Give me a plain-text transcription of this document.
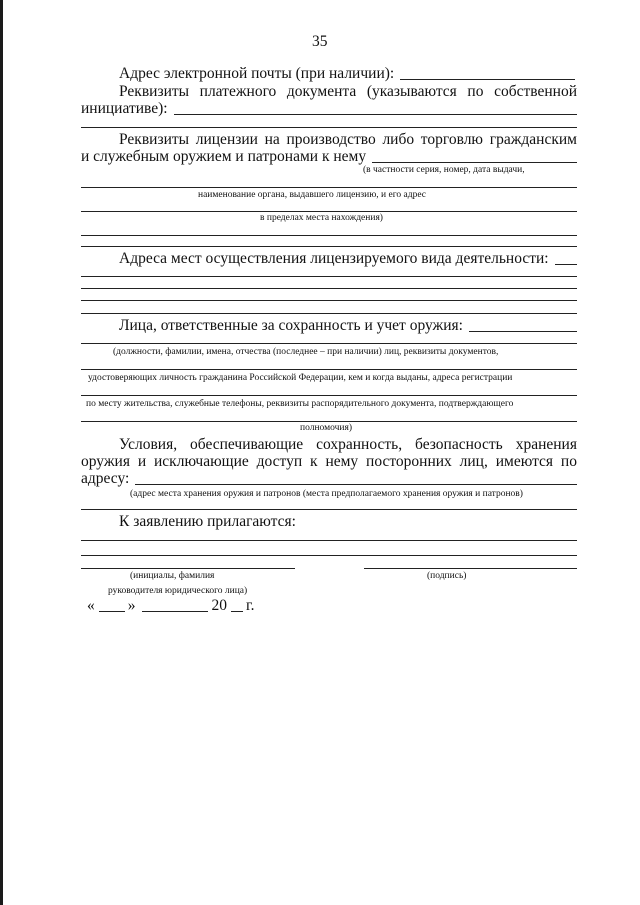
35
Адрес электронной почты (при наличии):
Реквизиты платежного документа (указываются по собственной
инициативе):
Реквизиты лицензии на производство либо торговлю гражданским
и служебным оружием и патронами к нему
(в частности серия, номер, дата выдачи,
наименование органа, выдавшего лицензию, и его адрес
в пределах места нахождения)
Адреса мест осуществления лицензируемого вида деятельности:
Лица, ответственные за сохранность и учет оружия:
(должности, фамилии, имена, отчества (последнее – при наличии) лиц, реквизиты документов,
удостоверяющих личность гражданина Российской Федерации, кем и когда выданы, адреса регистрации
по месту жительства, служебные телефоны, реквизиты распорядительного документа, подтверждающего
полномочия)
Условия, обеспечивающие сохранность, безопасность хранения
оружия и исключающие доступ к нему посторонних лиц, имеются по
адресу:
(адрес места хранения оружия и патронов (места предполагаемого хранения оружия и патронов)
К заявлению прилагаются:
(инициалы, фамилия	(подпись)
руководителя юридического лица)
« »	20 г.
